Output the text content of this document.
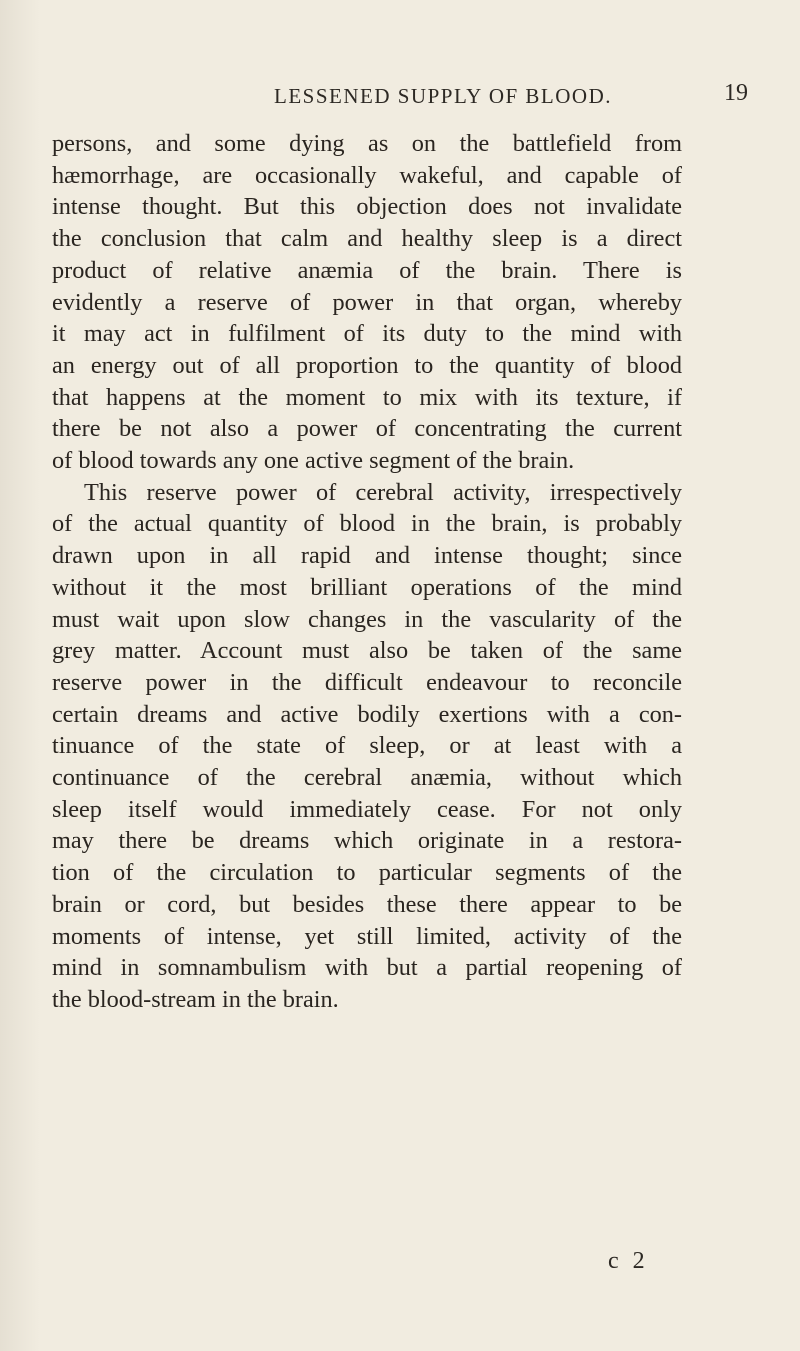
LESSENED SUPPLY OF BLOOD.	19
persons, and some dying as on the battlefield from
hæmorrhage, are occasionally wakeful, and capable of
intense thought. But this objection does not invalidate
the conclusion that calm and healthy sleep is a direct
product of relative anæmia of the brain. There is
evidently a reserve of power in that organ, whereby
it may act in fulfilment of its duty to the mind with
an energy out of all proportion to the quantity of blood
that happens at the moment to mix with its texture, if
there be not also a power of concentrating the current
of blood towards any one active segment of the brain.
This reserve power of cerebral activity, irrespectively
of the actual quantity of blood in the brain, is probably
drawn upon in all rapid and intense thought; since
without it the most brilliant operations of the mind
must wait upon slow changes in the vascularity of the
grey matter. Account must also be taken of the same
reserve power in the difficult endeavour to reconcile
certain dreams and active bodily exertions with a con-
tinuance of the state of sleep, or at least with a
continuance of the cerebral anæmia, without which
sleep itself would immediately cease. For not only
may there be dreams which originate in a restora-
tion of the circulation to particular segments of the
brain or cord, but besides these there appear to be
moments of intense, yet still limited, activity of the
mind in somnambulism with but a partial reopening of
the blood-stream in the brain.
c 2
